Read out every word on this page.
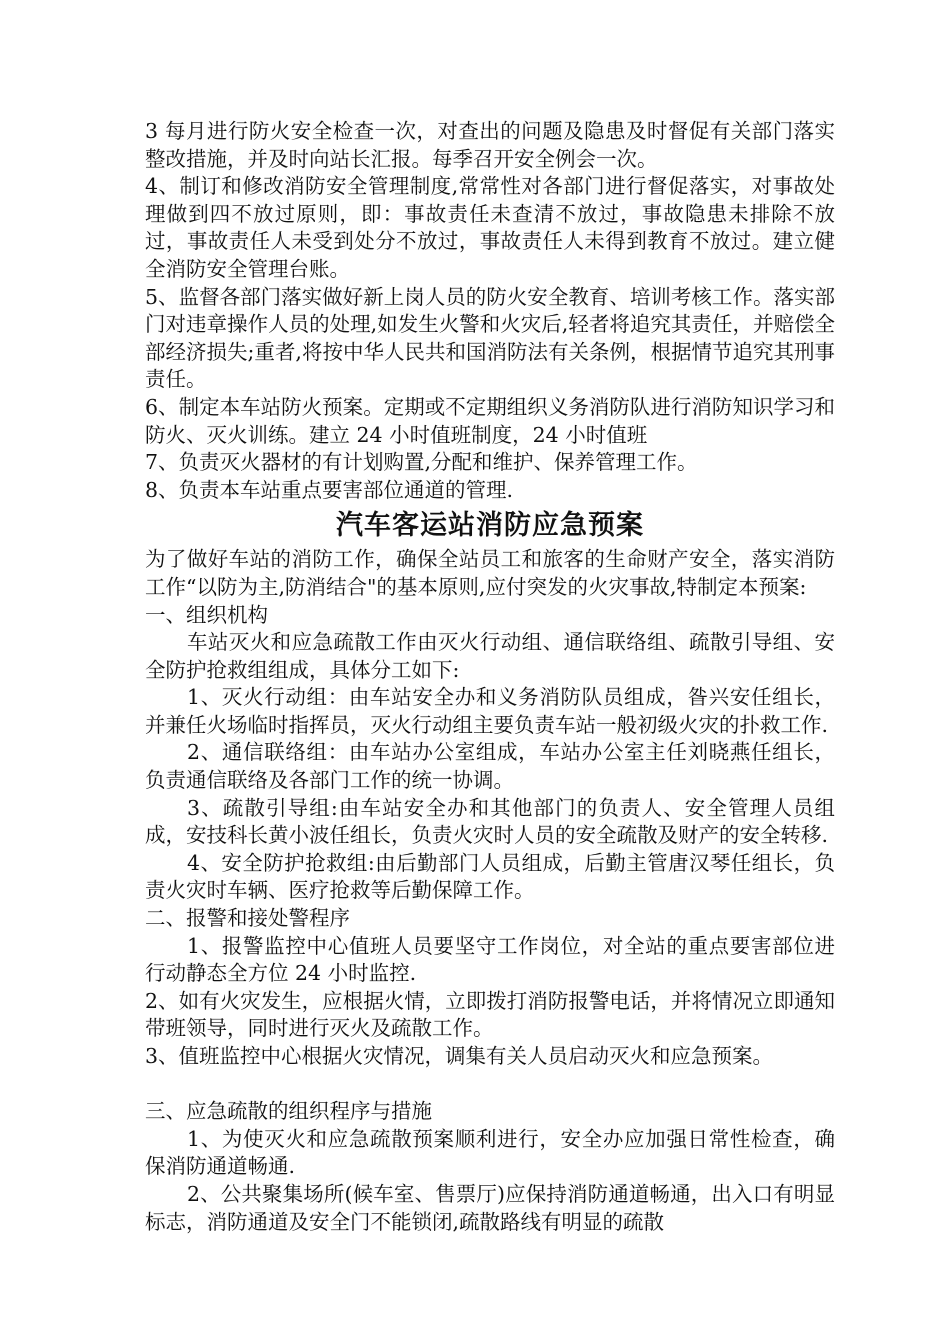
3 每月进行防火安全检查一次，对查出的问题及隐患及时督促有关部门落实整改措施，并及时向站长汇报。每季召开安全例会一次。

4、制订和修改消防安全管理制度,常常性对各部门进行督促落实，对事故处理做到四不放过原则，即：事故责任未查清不放过，事故隐患未排除不放过，事故责任人未受到处分不放过，事故责任人未得到教育不放过。建立健全消防安全管理台账。

5、监督各部门落实做好新上岗人员的防火安全教育、培训考核工作。落实部门对违章操作人员的处理,如发生火警和火灾后,轻者将追究其责任，并赔偿全部经济损失;重者,将按中华人民共和国消防法有关条例，根据情节追究其刑事责任。

6、制定本车站防火预案。定期或不定期组织义务消防队进行消防知识学习和防火、灭火训练。建立 24 小时值班制度，24 小时值班

7、负责灭火器材的有计划购置,分配和维护、保养管理工作。

8、负责本车站重点要害部位通道的管理.

汽车客运站消防应急预案

为了做好车站的消防工作，确保全站员工和旅客的生命财产安全，落实消防工作“以防为主,防消结合"的基本原则,应付突发的火灾事故,特制定本预案:

一、组织机构

车站灭火和应急疏散工作由灭火行动组、通信联络组、疏散引导组、安全防护抢救组组成，具体分工如下:

1、灭火行动组：由车站安全办和义务消防队员组成，昝兴安任组长，并兼任火场临时指挥员，灭火行动组主要负责车站一般初级火灾的扑救工作.

2、通信联络组：由车站办公室组成，车站办公室主任刘晓燕任组长，负责通信联络及各部门工作的统一协调。

3、疏散引导组:由车站安全办和其他部门的负责人、安全管理人员组成，安技科长黄小波任组长，负责火灾时人员的安全疏散及财产的安全转移.

4、安全防护抢救组:由后勤部门人员组成，后勤主管唐汉琴任组长，负责火灾时车辆、医疗抢救等后勤保障工作。

二、报警和接处警程序

1、报警监控中心值班人员要坚守工作岗位，对全站的重点要害部位进行动静态全方位 24 小时监控.

2、如有火灾发生，应根据火情，立即拨打消防报警电话，并将情况立即通知带班领导，同时进行灭火及疏散工作。

3、值班监控中心根据火灾情况，调集有关人员启动灭火和应急预案。

三、应急疏散的组织程序与措施

1、为使灭火和应急疏散预案顺利进行，安全办应加强日常性检查，确保消防通道畅通.

2、公共聚集场所(候车室、售票厅)应保持消防通道畅通，出入口有明显标志，消防通道及安全门不能锁闭,疏散路线有明显的疏散
